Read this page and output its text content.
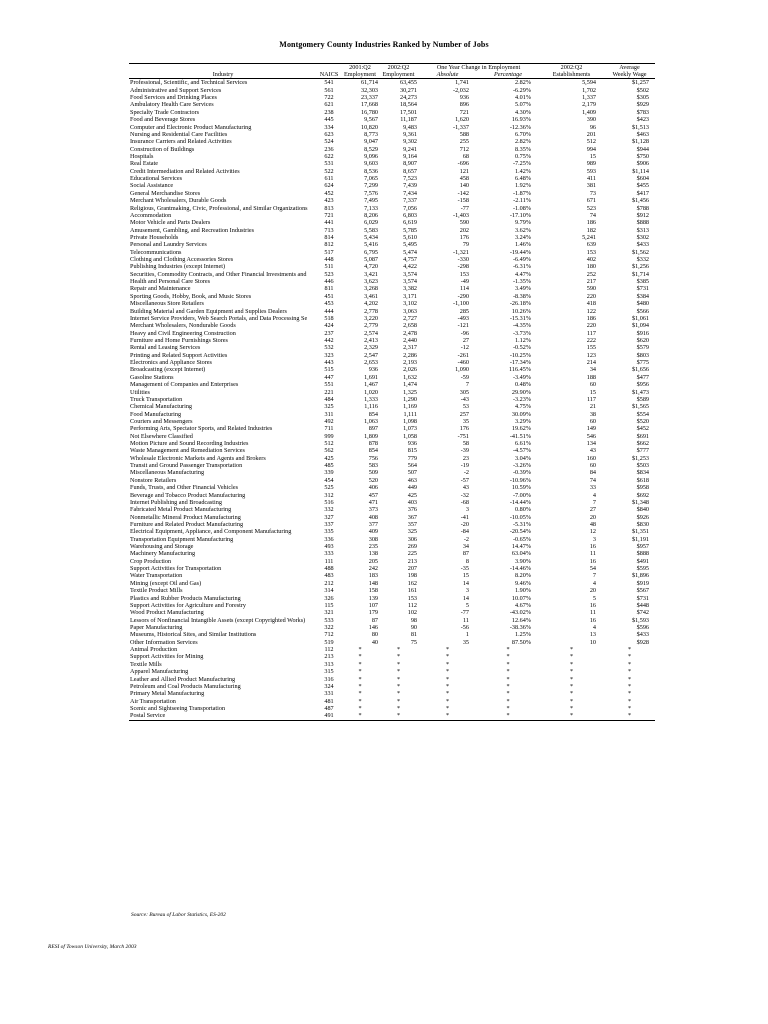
Montgomery County Industries Ranked by Number of Jobs
		2001:Q2	2002:Q2	One Year Change in Employment		2002:Q2	Average
Industry	NAICS	Employment	Employment	Absolute	Percentage	Establishments	Weekly Wage
Professional, Scientific, and Technical Services	541	61,714	63,455	1,741	2.82%	5,594	$1,257
Administrative and Support Services	561	32,303	30,271	-2,032	-6.29%	1,702	$502
Food Services and Drinking Places	722	23,337	24,273	936	4.01%	1,337	$305
Ambulatory Health Care Services	621	17,668	18,564	896	5.07%	2,179	$929
Specialty Trade Contractors	238	16,780	17,501	721	4.30%	1,409	$783
Food and Beverage Stores	445	9,567	11,187	1,620	16.93%	390	$423
Computer and Electronic Product Manufacturing	334	10,820	9,483	-1,337	-12.36%	96	$1,513
Nursing and Residential Care Facilities	623	8,773	9,361	588	6.70%	201	$463
Insurance Carriers and Related Activities	524	9,047	9,302	255	2.82%	512	$1,128
Construction of Buildings	236	8,529	9,241	712	8.35%	994	$944
Hospitals	622	9,096	9,164	68	0.75%	15	$750
Real Estate	531	9,603	8,907	-696	-7.25%	989	$906
Credit Intermediation and Related Activities	522	8,536	8,657	121	1.42%	593	$1,114
Educational Services	611	7,065	7,523	458	6.48%	411	$604
Social Assistance	624	7,299	7,439	140	1.92%	381	$455
General Merchandise Stores	452	7,576	7,434	-142	-1.87%	73	$417
Merchant Wholesalers, Durable Goods	423	7,495	7,337	-158	-2.11%	671	$1,456
Religious, Grantmaking, Civic, Professional, and Similar Organizations	813	7,133	7,056	-77	-1.08%	523	$788
Accommodation	721	8,206	6,803	-1,403	-17.10%	74	$912
Motor Vehicle and Parts Dealers	441	6,029	6,619	590	9.79%	186	$888
Amusement, Gambling, and Recreation Industries	713	5,583	5,785	202	3.62%	182	$313
Private Households	814	5,434	5,610	176	3.24%	5,241	$302
Personal and Laundry Services	812	5,416	5,495	79	1.46%	639	$433
Telecommunications	517	6,795	5,474	-1,321	-19.44%	153	$1,562
Clothing and Clothing Accessories Stores	448	5,087	4,757	-330	-6.49%	402	$332
Publishing Industries (except Internet)	511	4,720	4,422	-298	-6.31%	180	$1,256
Securities, Commodity Contracts, and Other Financial Investments and	523	3,421	3,574	153	4.47%	252	$1,714
Health and Personal Care Stores	446	3,623	3,574	-49	-1.35%	217	$385
Repair and Maintenance	811	3,268	3,382	114	3.49%	590	$731
Sporting Goods, Hobby, Book, and Music Stores	451	3,461	3,171	-290	-8.38%	220	$384
Miscellaneous Store Retailers	453	4,202	3,102	-1,100	-26.18%	418	$480
Building Material and Garden Equipment and Supplies Dealers	444	2,778	3,063	285	10.26%	122	$566
Internet Service Providers, Web Search Portals, and Data Processing Se	518	3,220	2,727	-493	-15.31%	186	$1,061
Merchant Wholesalers, Nondurable Goods	424	2,779	2,658	-121	-4.35%	220	$1,094
Heavy and Civil Engineering Construction	237	2,574	2,478	-96	-3.73%	117	$916
Furniture and Home Furnishings Stores	442	2,413	2,440	27	1.12%	222	$620
Rental and Leasing Services	532	2,329	2,317	-12	-0.52%	155	$579
Printing and Related Support Activities	323	2,547	2,286	-261	-10.25%	123	$803
Electronics and Appliance Stores	443	2,653	2,193	-460	-17.34%	214	$775
Broadcasting (except Internet)	515	936	2,026	1,090	116.45%	34	$1,656
Gasoline Stations	447	1,691	1,632	-59	-3.49%	188	$477
Management of Companies and Enterprises	551	1,467	1,474	7	0.48%	60	$956
Utilities	221	1,020	1,325	305	29.90%	15	$1,473
Truck Transportation	484	1,333	1,290	-43	-3.23%	117	$589
Chemical Manufacturing	325	1,116	1,169	53	4.75%	21	$1,565
Food Manufacturing	311	854	1,111	257	30.09%	38	$554
Couriers and Messengers	492	1,063	1,098	35	3.29%	60	$520
Performing Arts, Spectator Sports, and Related Industries	711	897	1,073	176	19.62%	149	$452
Not Elsewhere Classified	999	1,809	1,058	-751	-41.51%	546	$691
Motion Picture and Sound Recording Industries	512	878	936	58	6.61%	134	$662
Waste Management and Remediation Services	562	854	815	-39	-4.57%	43	$777
Wholesale Electronic Markets and Agents and Brokers	425	756	779	23	3.04%	160	$1,253
Transit and Ground Passenger Transportation	485	583	564	-19	-3.26%	60	$503
Miscellaneous Manufacturing	339	509	507	-2	-0.39%	84	$834
Nonstore Retailers	454	520	463	-57	-10.96%	74	$618
Funds, Trusts, and Other Financial Vehicles	525	406	449	43	10.59%	33	$958
Beverage and Tobacco Product Manufacturing	312	457	425	-32	-7.00%	4	$692
Internet Publishing and Broadcasting	516	471	403	-68	-14.44%	7	$1,348
Fabricated Metal Product Manufacturing	332	373	376	3	0.80%	27	$840
Nonmetallic Mineral Product Manufacturing	327	408	367	-41	-10.05%	20	$926
Furniture and Related Product Manufacturing	337	377	357	-20	-5.31%	48	$830
Electrical Equipment, Appliance, and Component Manufacturing	335	409	325	-84	-20.54%	12	$1,351
Transportation Equipment Manufacturing	336	308	306	-2	-0.65%	3	$1,191
Warehousing and Storage	493	235	269	34	14.47%	16	$957
Machinery Manufacturing	333	138	225	87	63.04%	11	$888
Crop Production	111	205	213	8	3.90%	16	$491
Support Activities for Transportation	488	242	207	-35	-14.46%	54	$595
Water Transportation	483	183	198	15	8.20%	7	$1,896
Mining (except Oil and Gas)	212	148	162	14	9.46%	4	$919
Textile Product Mills	314	158	161	3	1.90%	20	$567
Plastics and Rubber Products Manufacturing	326	139	153	14	10.07%	5	$731
Support Activities for Agriculture and Forestry	115	107	112	5	4.67%	16	$448
Wood Product Manufacturing	321	179	102	-77	-43.02%	11	$742
Lessors of Nonfinancial Intangible Assets (except Copyrighted Works)	533	87	98	11	12.64%	16	$1,593
Paper Manufacturing	322	146	90	-56	-38.36%	4	$596
Museums, Historical Sites, and Similar Institutions	712	80	81	1	1.25%	13	$433
Other Information Services	519	40	75	35	87.50%	10	$928
Animal Production	112	*	*	*	*	*	*
Support Activities for Mining	213	*	*	*	*	*	*
Textile Mills	313	*	*	*	*	*	*
Apparel Manufacturing	315	*	*	*	*	*	*
Leather and Allied Product Manufacturing	316	*	*	*	*	*	*
Petroleum and Coal Products Manufacturing	324	*	*	*	*	*	*
Primary Metal Manufacturing	331	*	*	*	*	*	*
Air Transportation	481	*	*	*	*	*	*
Scenic and Sightseeing Transportation	487	*	*	*	*	*	*
Postal Service	491	*	*	*	*	*	*
Source: Bureau of Labor Statistics, ES-202
RESI of Towson University, March 2003
